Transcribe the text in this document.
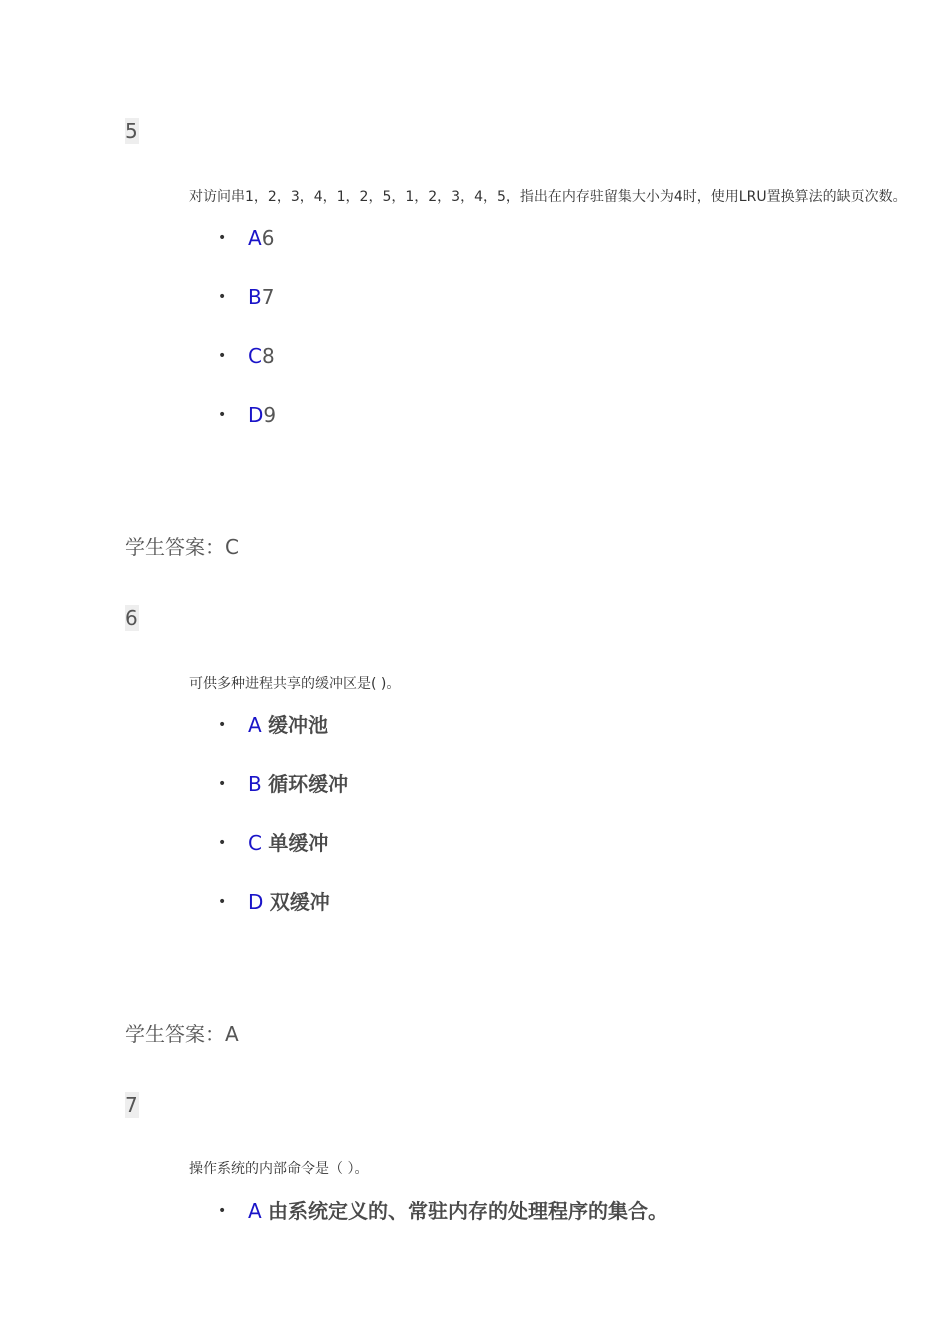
5
对访问串1，2，3，4，1，2，5，1，2，3，4，5，指出在内存驻留集大小为4时，使用LRU置换算法的缺页次数。
• A6
• B7
• C8
• D9
学生答案：C
6
可供多种进程共享的缓冲区是( )。
• A 缓冲池
• B 循环缓冲
• C 单缓冲
• D 双缓冲
学生答案：A
7
操作系统的内部命令是（ ）。
• A 由系统定义的、常驻内存的处理程序的集合。
